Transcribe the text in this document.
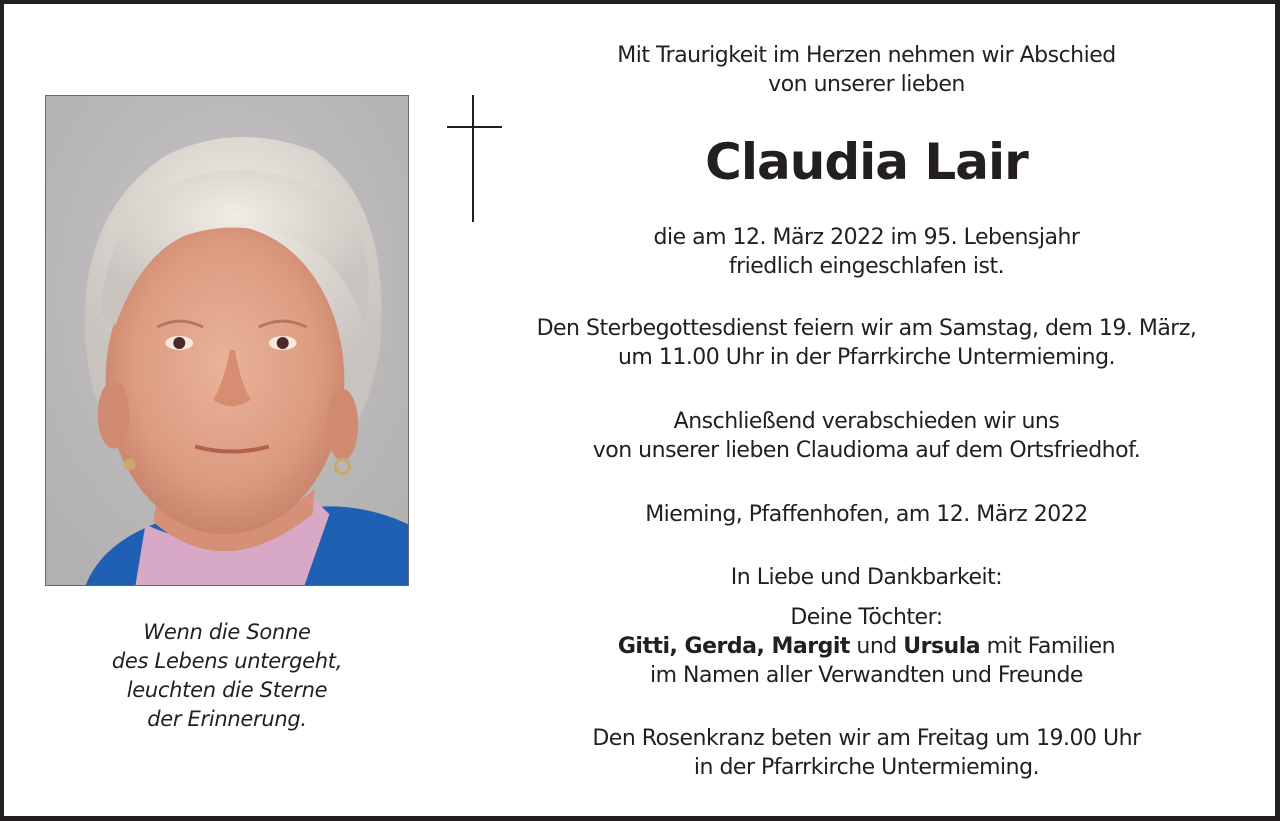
Wenn die Sonne
des Lebens untergeht,
leuchten die Sterne
der Erinnerung.
Mit Traurigkeit im Herzen nehmen wir Abschied
von unserer lieben
Claudia Lair
die am 12. März 2022 im 95. Lebensjahr
friedlich eingeschlafen ist.
Den Sterbegottesdienst feiern wir am Samstag, dem 19. März,
um 11.00 Uhr in der Pfarrkirche Untermieming.
Anschließend verabschieden wir uns
von unserer lieben Claudioma auf dem Ortsfriedhof.
Mieming, Pfaffenhofen, am 12. März 2022
In Liebe und Dankbarkeit:
Deine Töchter:
Gitti, Gerda, Margit und Ursula mit Familien
im Namen aller Verwandten und Freunde
Den Rosenkranz beten wir am Freitag um 19.00 Uhr
in der Pfarrkirche Untermieming.
